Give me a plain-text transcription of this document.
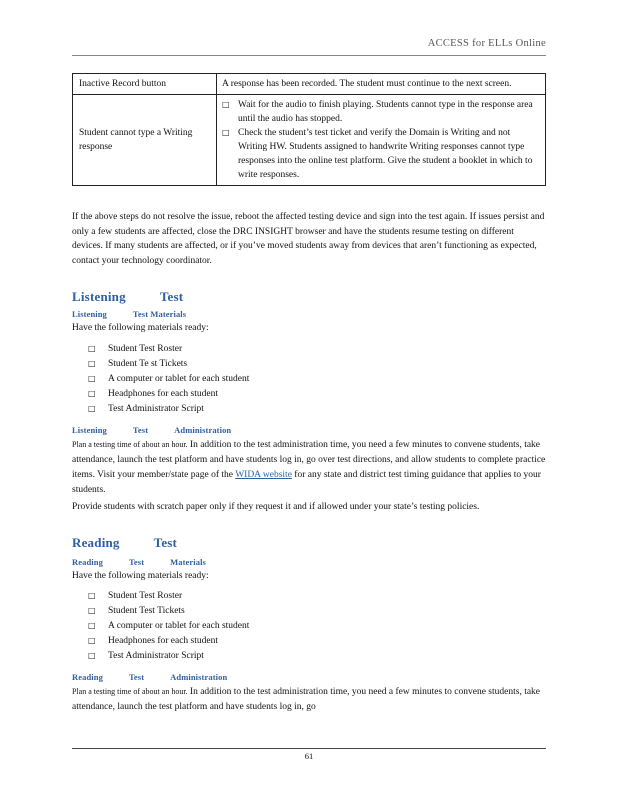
ACCESS for ELLs Online
Inactive Record button	A response has been recorded. The student must continue to the next screen.
Student cannot type a Writing response	□ Wait for the audio to finish playing. Students cannot type in the response area until the audio has stopped.
□ Check the student’s test ticket and verify the Domain is Writing and not Writing HW. Students assigned to handwrite Writing responses cannot type responses into the online test platform. Give the student a booklet in which to write responses.
If the above steps do not resolve the issue, reboot the affected testing device and sign into the test again. If issues persist and only a few students are affected, close the DRC INSIGHT browser and have the students resume testing on different devices. If many students are affected, or if you’ve moved students away from devices that aren’t functioning as expected, contact your technology coordinator.
Listening	Test
Listening	Test Materials
Have the following materials ready:
□	Student Test Roster
□	Student Te st Tickets
□	A computer or tablet for each student
□	Headphones for each student
□	Test Administrator Script
Listening	Test	Administration
Plan a testing time of about an hour. In addition to the test administration time, you need a few minutes to convene students, take attendance, launch the test platform and have students log in, go over test directions, and allow students to complete practice items. Visit your member/state page of the WIDA website for any state and district test timing guidance that applies to your students.
Provide students with scratch paper only if they request it and if allowed under your state’s testing policies.
Reading	Test
Reading	Test	Materials
Have the following materials ready:
□	Student Test Roster
□	Student Test Tickets
□	A computer or tablet for each student
□	Headphones for each student
□	Test Administrator Script
Reading	Test	Administration
Plan a testing time of about an hour. In addition to the test administration time, you need a few minutes to convene students, take attendance, launch the test platform and have students log in, go
61
